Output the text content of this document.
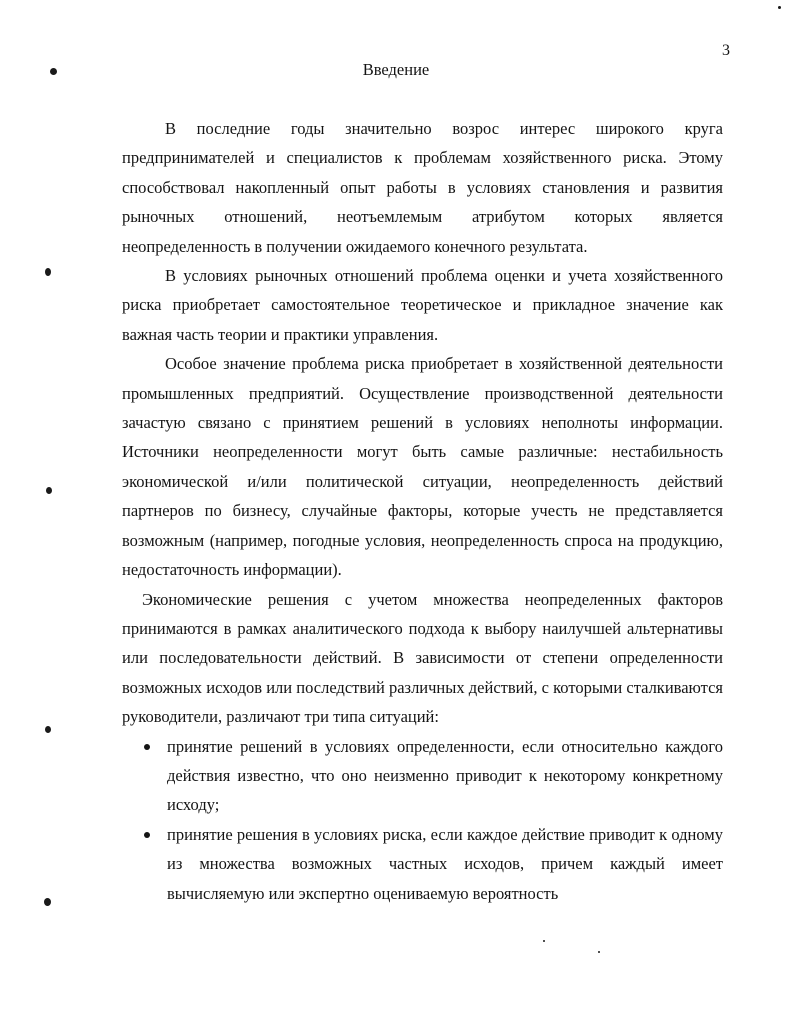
3
Введение

В последние годы значительно возрос интерес широкого круга предпринимателей и специалистов к проблемам хозяйственного риска. Этому способствовал накопленный опыт работы в условиях становления и развития рыночных отношений, неотъемлемым атрибутом которых является неопределенность в получении ожидаемого конечного результата.

В условиях рыночных отношений проблема оценки и учета хозяйственного риска приобретает самостоятельное теоретическое и прикладное значение как важная часть теории и практики управления.

Особое значение проблема риска приобретает в хозяйственной деятельности промышленных предприятий. Осуществление производственной деятельности зачастую связано с принятием решений в условиях неполноты информации. Источники неопределенности могут быть самые различные: нестабильность экономической и/или политической ситуации, неопределенность действий партнеров по бизнесу, случайные факторы, которые учесть не представляется возможным (например, погодные условия, неопределенность спроса на продукцию, недостаточность информации).

Экономические решения с учетом множества неопределенных факторов принимаются в рамках аналитического подхода к выбору наилучшей альтернативы или последовательности действий. В зависимости от степени определенности возможных исходов или последствий различных действий, с которыми сталкиваются руководители, различают три типа ситуаций:

принятие решений в условиях определенности, если относительно каждого действия известно, что оно неизменно приводит к некоторому конкретному исходу;
принятие решения в условиях риска, если каждое действие приводит к одному из множества возможных частных исходов, причем каждый имеет вычисляемую или экспертно оцениваемую вероятность
